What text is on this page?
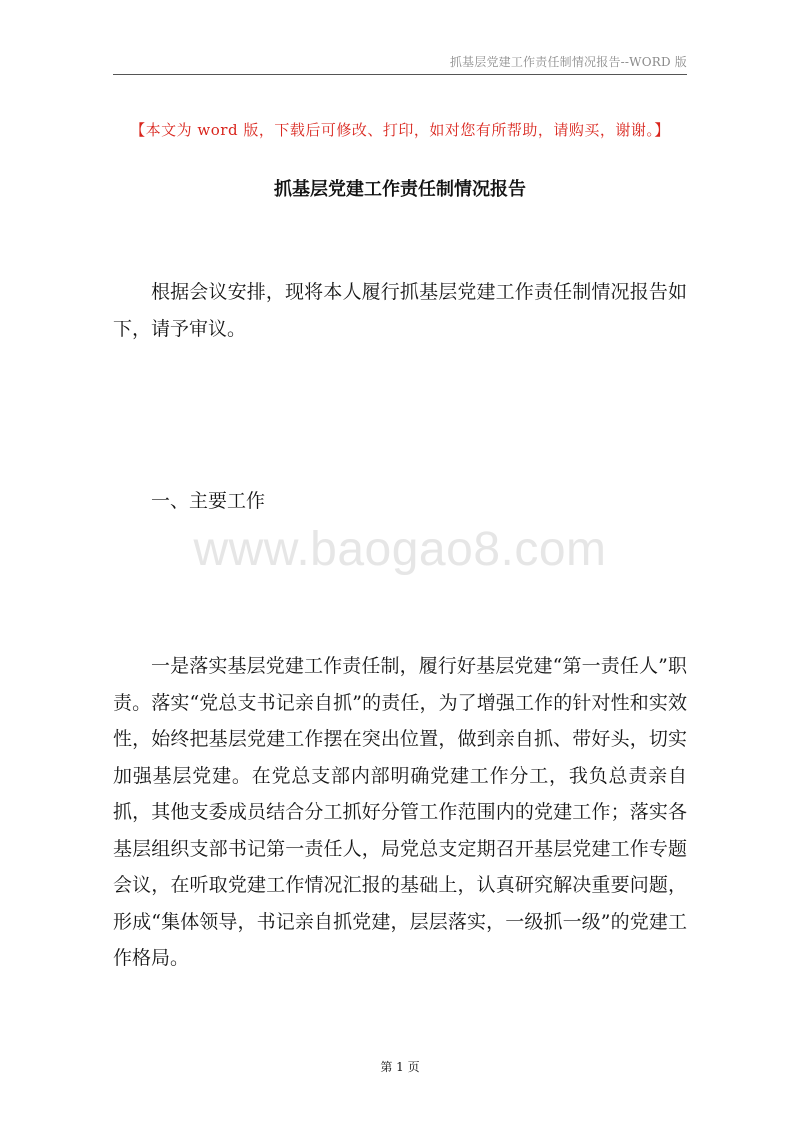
抓基层党建工作责任制情况报告--WORD 版
【本文为 word 版，下载后可修改、打印，如对您有所帮助，请购买，谢谢。】
抓基层党建工作责任制情况报告

根据会议安排，现将本人履行抓基层党建工作责任制情况报告如下，请予审议。

一、主要工作

www.baogao8.com

一是落实基层党建工作责任制，履行好基层党建“第一责任人”职责。落实“党总支书记亲自抓”的责任，为了增强工作的针对性和实效性，始终把基层党建工作摆在突出位置，做到亲自抓、带好头，切实加强基层党建。在党总支部内部明确党建工作分工，我负总责亲自抓，其他支委成员结合分工抓好分管工作范围内的党建工作；落实各基层组织支部书记第一责任人，局党总支定期召开基层党建工作专题会议，在听取党建工作情况汇报的基础上，认真研究解决重要问题，形成“集体领导，书记亲自抓党建，层层落实，一级抓一级”的党建工作格局。

第 1 页
